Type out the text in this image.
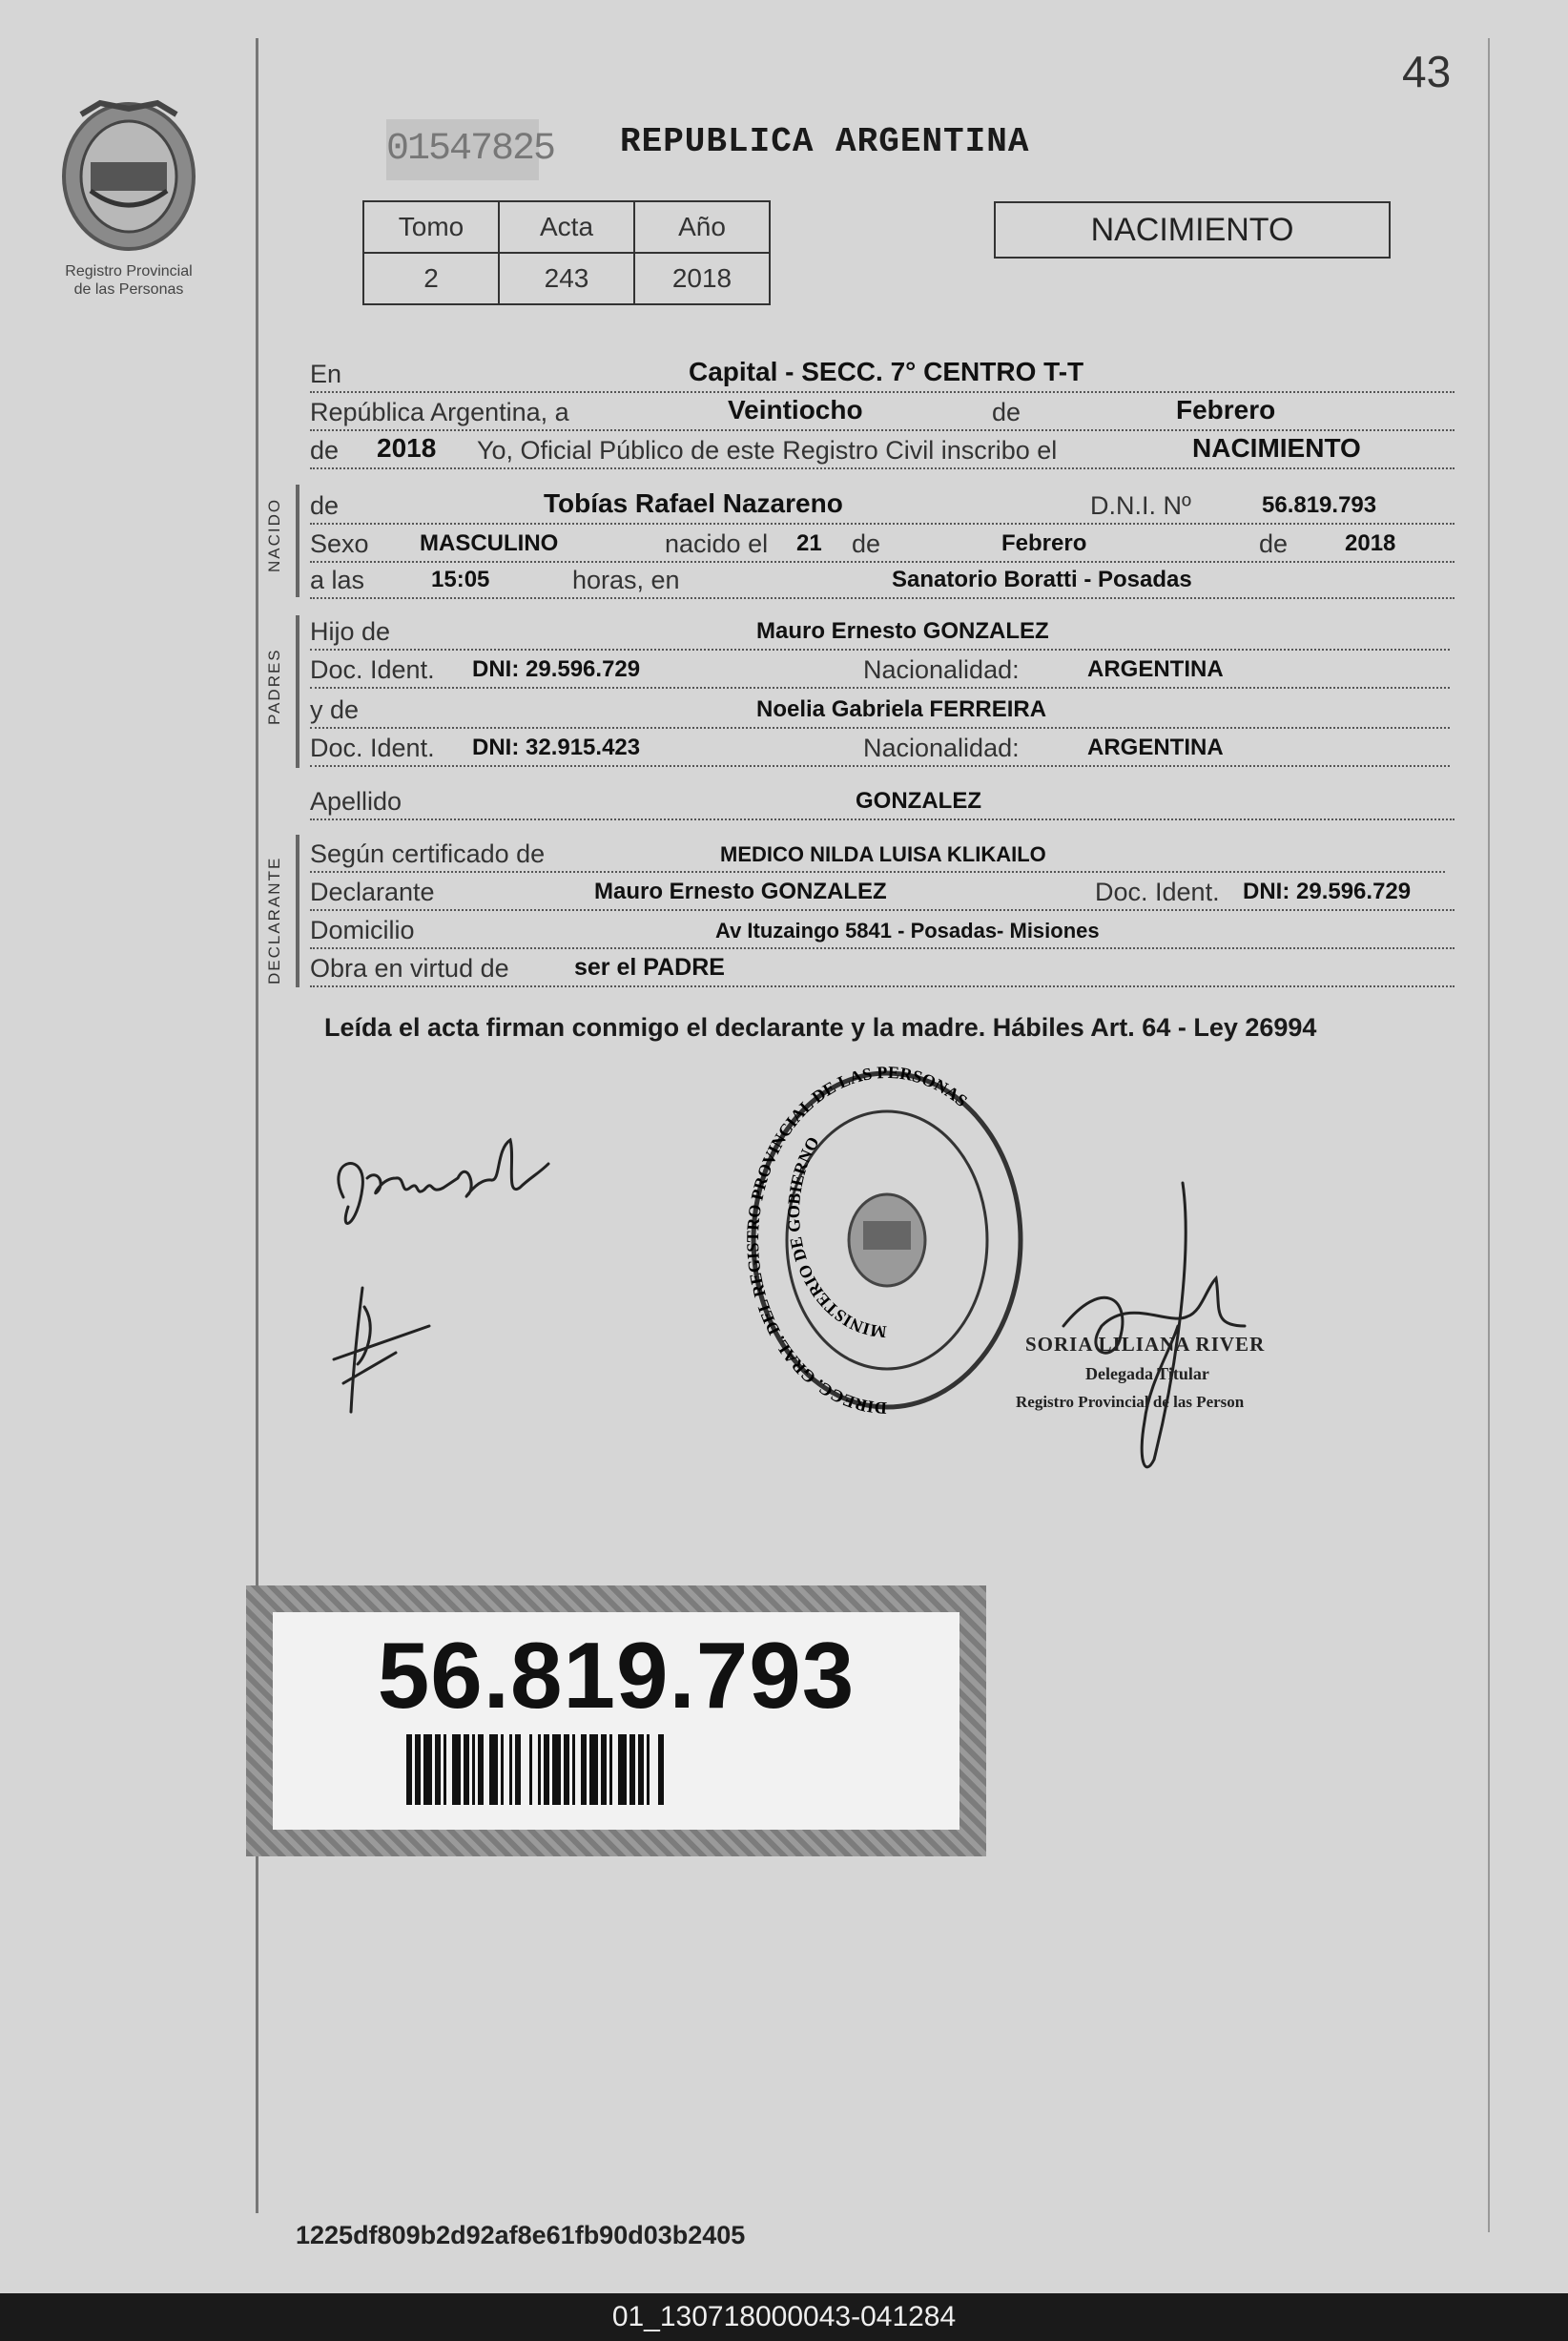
Registro Provincial
de las Personas
43
01547825 REPUBLICA ARGENTINA
Tomo	Acta	Año
2	243	2018
NACIMIENTO
En	Capital - SECC. 7° CENTRO T-T
República Argentina, a	Veintiocho	de	Febrero
de 2018 Yo, Oficial Público de este Registro Civil inscribo el	NACIMIENTO
NACIDO de	Tobías Rafael Nazareno	D.N.I. Nº	56.819.793
Sexo MASCULINO	nacido el 21 de	Febrero	de 2018
a las	15:05	horas, en	Sanatorio Boratti - Posadas
PADRES
Hijo de	Mauro Ernesto GONZALEZ
Doc. Ident. DNI: 29.596.729	Nacionalidad:	ARGENTINA
y de	Noelia Gabriela FERREIRA
Doc. Ident. DNI: 32.915.423	Nacionalidad:	ARGENTINA
Apellido	GONZALEZ
DECLARANTE
Según certificado de	MEDICO NILDA LUISA KLIKAILO
Declarante	Mauro Ernesto GONZALEZ	Doc. Ident. DNI: 29.596.729
Domicilio	Av Ituzaingo 5841 - Posadas- Misiones
Obra en virtud de	ser el PADRE
Leída el acta firman conmigo el declarante y la madre. Hábiles Art. 64 - Ley 26994
DIRECC. GRAL. DEL REGISTRO PROVINCIAL DE LAS PERSONAS
MINISTERIO DE GOBIERNO
SORIA LILIANA RIVER
Delegada Titular
Registro Provincial de las Person
56.819.793
1225df809b2d92af8e61fb90d03b2405
01_130718000043-041284
